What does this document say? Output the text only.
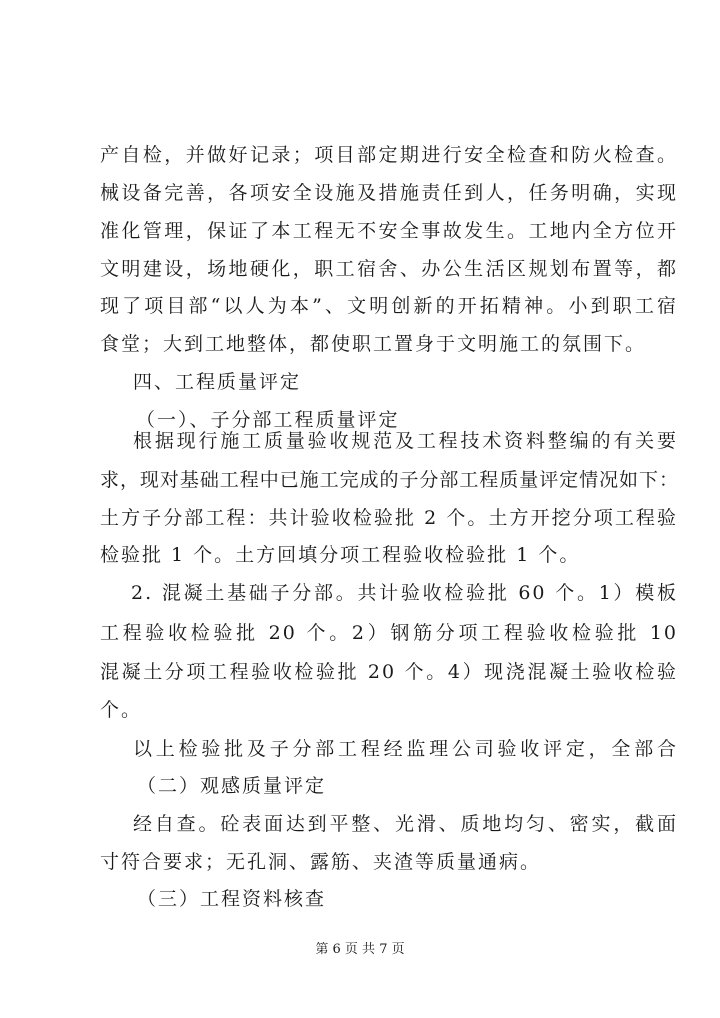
产自检，并做好记录；项目部定期进行安全检查和防火检查。
械设备完善，各项安全设施及措施责任到人，任务明确，实现
准化管理，保证了本工程无不安全事故发生。工地内全方位开
文明建设，场地硬化，职工宿舍、办公生活区规划布置等，都
现了项目部“以人为本”、文明创新的开拓精神。小到职工宿
食堂；大到工地整体，都使职工置身于文明施工的氛围下。
四、工程质量评定
（一）、子分部工程质量评定
根据现行施工质量验收规范及工程技术资料整编的有关要
求，现对基础工程中已施工完成的子分部工程质量评定情况如下：
土方子分部工程：共计验收检验批 2 个。土方开挖分项工程验
检验批 1 个。土方回填分项工程验收检验批 1 个。
2. 混凝土基础子分部。共计验收检验批 60 个。1）模板
工程验收检验批 20 个。2）钢筋分项工程验收检验批 10
混凝土分项工程验收检验批 20 个。4）现浇混凝土验收检验
个。
以上检验批及子分部工程经监理公司验收评定，全部合
（二）观感质量评定
经自查。砼表面达到平整、光滑、质地均匀、密实，截面
寸符合要求；无孔洞、露筋、夹渣等质量通病。
（三）工程资料核查
第 6 页 共 7 页
